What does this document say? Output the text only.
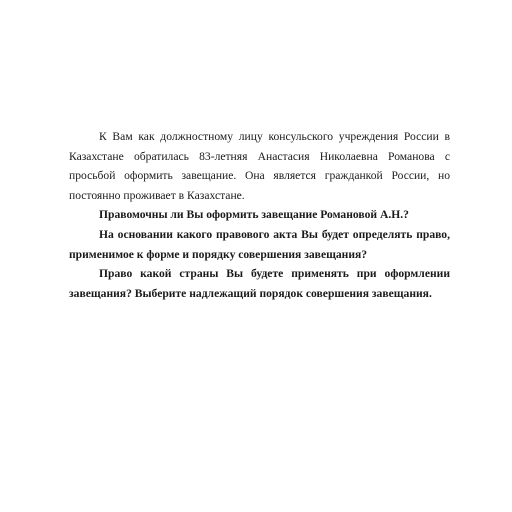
К Вам как должностному лицу консульского учреждения России в Казахстане обратилась 83-летняя Анастасия Николаевна Романова с просьбой оформить завещание. Она является гражданкой России, но постоянно проживает в Казахстане.

Правомочны ли Вы оформить завещание Романовой А.Н.?

На основании какого правового акта Вы будет определять право, применимое к форме и порядку совершения завещания?

Право какой страны Вы будете применять при оформлении завещания? Выберите надлежащий порядок совершения завещания.
